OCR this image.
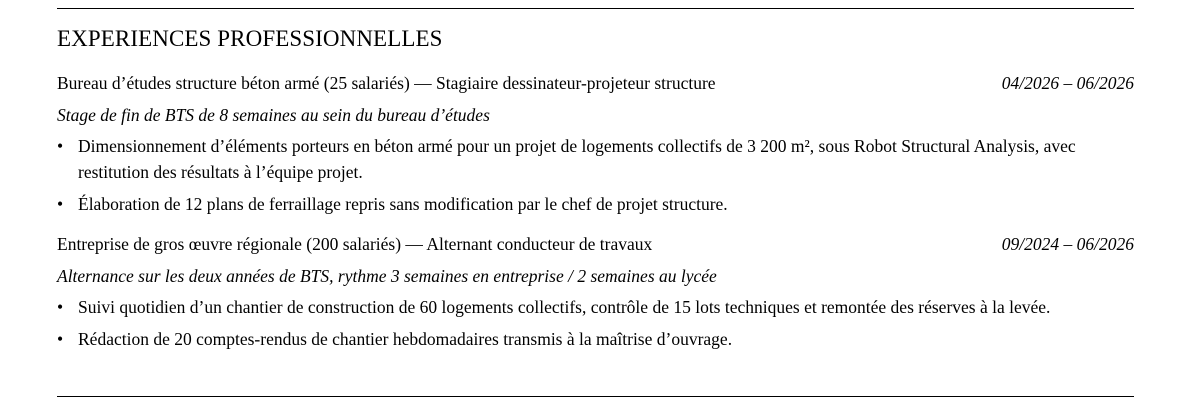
EXPERIENCES PROFESSIONNELLES
Bureau d’études structure béton armé (25 salariés) — Stagiaire dessinateur-projeteur structure	04/2026 – 06/2026
Stage de fin de BTS de 8 semaines au sein du bureau d’études
• Dimensionnement d’éléments porteurs en béton armé pour un projet de logements collectifs de 3 200 m², sous Robot Structural Analysis, avec restitution des résultats à l’équipe projet.
• Élaboration de 12 plans de ferraillage repris sans modification par le chef de projet structure.
Entreprise de gros œuvre régionale (200 salariés) — Alternant conducteur de travaux	09/2024 – 06/2026
Alternance sur les deux années de BTS, rythme 3 semaines en entreprise / 2 semaines au lycée
• Suivi quotidien d’un chantier de construction de 60 logements collectifs, contrôle de 15 lots techniques et remontée des réserves à la levée.
• Rédaction de 20 comptes-rendus de chantier hebdomadaires transmis à la maîtrise d’ouvrage.
